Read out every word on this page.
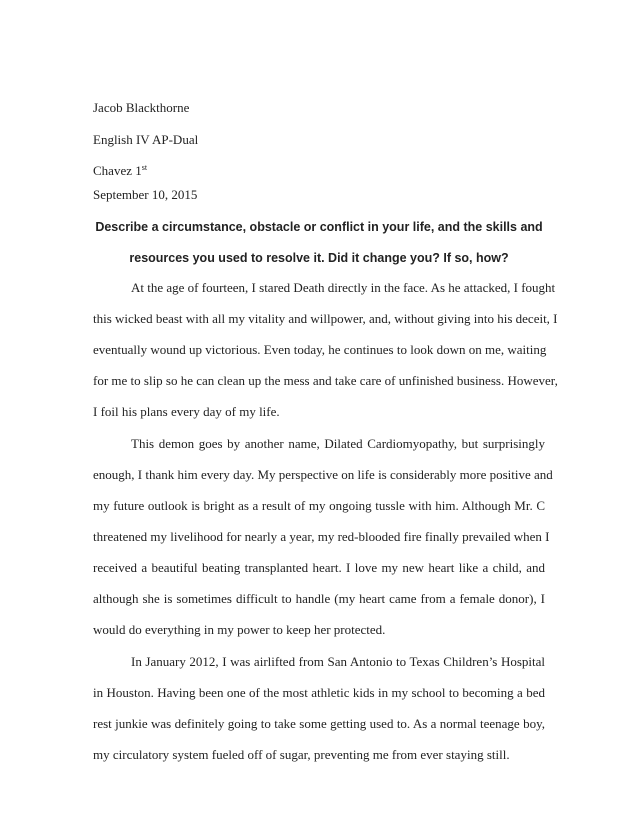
Jacob Blackthorne
English IV AP-Dual
Chavez 1st
September 10, 2015
Describe a circumstance, obstacle or conflict in your life, and the skills and
resources you used to resolve it. Did it change you? If so, how?
At the age of fourteen, I stared Death directly in the face. As he attacked, I fought
this wicked beast with all my vitality and willpower, and, without giving into his deceit, I
eventually wound up victorious. Even today, he continues to look down on me, waiting
for me to slip so he can clean up the mess and take care of unfinished business. However,
I foil his plans every day of my life.
This demon goes by another name, Dilated Cardiomyopathy, but surprisingly
enough, I thank him every day. My perspective on life is considerably more positive and
my future outlook is bright as a result of my ongoing tussle with him. Although Mr. C
threatened my livelihood for nearly a year, my red-blooded fire finally prevailed when I
received a beautiful beating transplanted heart. I love my new heart like a child, and
although she is sometimes difficult to handle (my heart came from a female donor), I
would do everything in my power to keep her protected.
In January 2012, I was airlifted from San Antonio to Texas Children’s Hospital
in Houston. Having been one of the most athletic kids in my school to becoming a bed
rest junkie was definitely going to take some getting used to. As a normal teenage boy,
my circulatory system fueled off of sugar, preventing me from ever staying still.
